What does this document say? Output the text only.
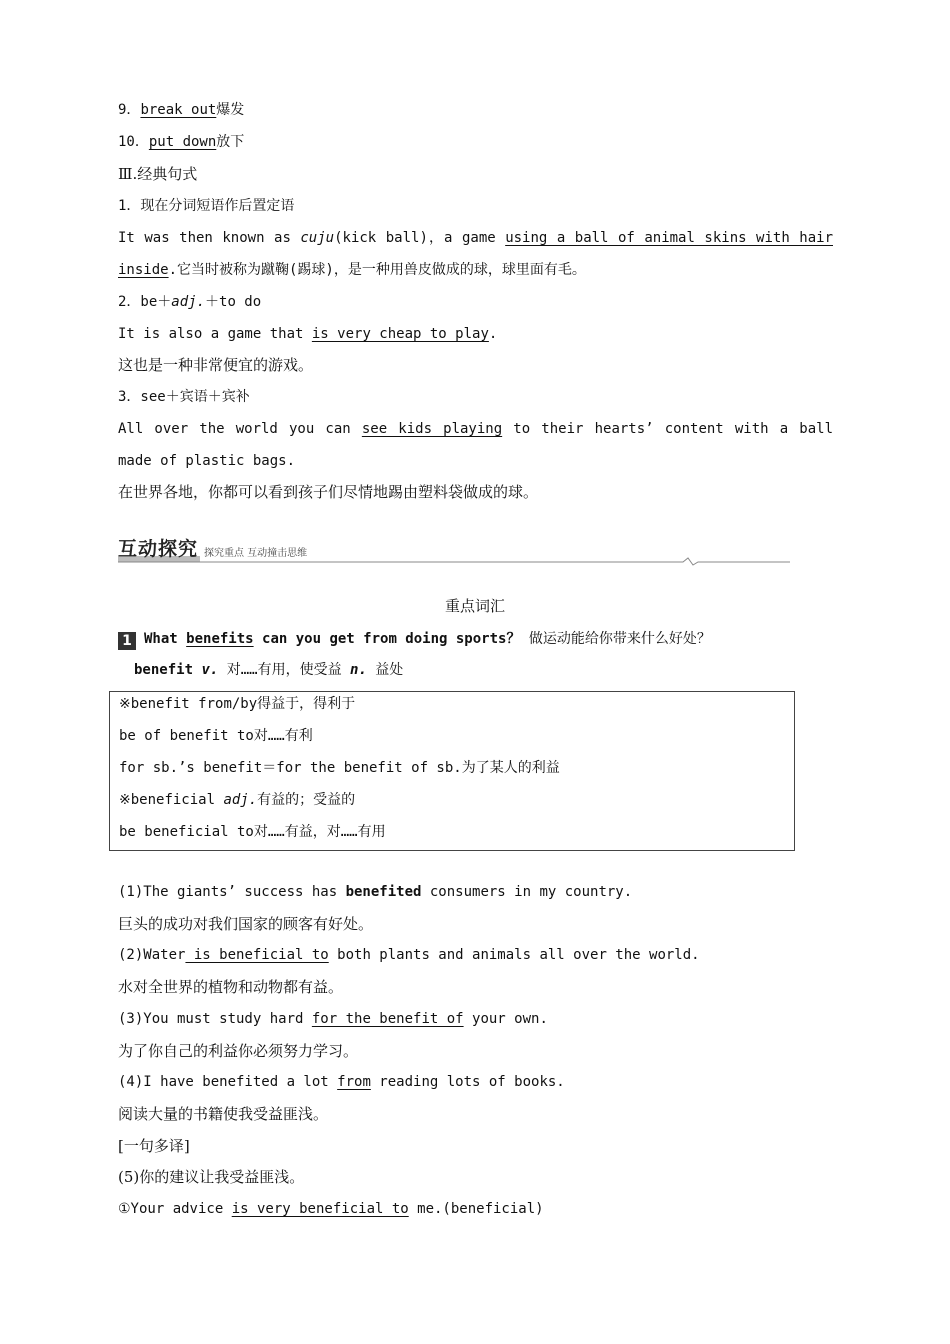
9．break out爆发
10．put down放下
Ⅲ.经典句式
1．现在分词短语作后置定语
It was then known as cuju(kick ball)，a game using a ball of animal skins with hair
inside.它当时被称为蹴鞠(踢球)，是一种用兽皮做成的球，球里面有毛。
2．be＋adj.＋to do
It is also a game that is very cheap to play.
这也是一种非常便宜的游戏。
3．see＋宾语＋宾补
All over the world you can see kids playing to their hearts’ content with a ball
made of plastic bags.
在世界各地，你都可以看到孩子们尽情地踢由塑料袋做成的球。
互动探究 探究重点 互动撞击思维
重点词汇
1 What benefits can you get from doing sports？ 做运动能给你带来什么好处？
benefit v. 对……有用，使受益 n. 益处
※benefit from/by得益于，得利于
be of benefit to对……有利
for sb.’s benefit＝for the benefit of sb.为了某人的利益
※beneficial adj.有益的；受益的
be beneficial to对……有益，对……有用
(1)The giants’ success has benefited consumers in my country.
巨头的成功对我们国家的顾客有好处。
(2)Water is beneficial to both plants and animals all over the world.
水对全世界的植物和动物都有益。
(3)You must study hard for the benefit of your own.
为了你自己的利益你必须努力学习。
(4)I have benefited a lot from reading lots of books.
阅读大量的书籍使我受益匪浅。
[一句多译]
(5)你的建议让我受益匪浅。
①Your advice is very beneficial to me.(beneficial)
